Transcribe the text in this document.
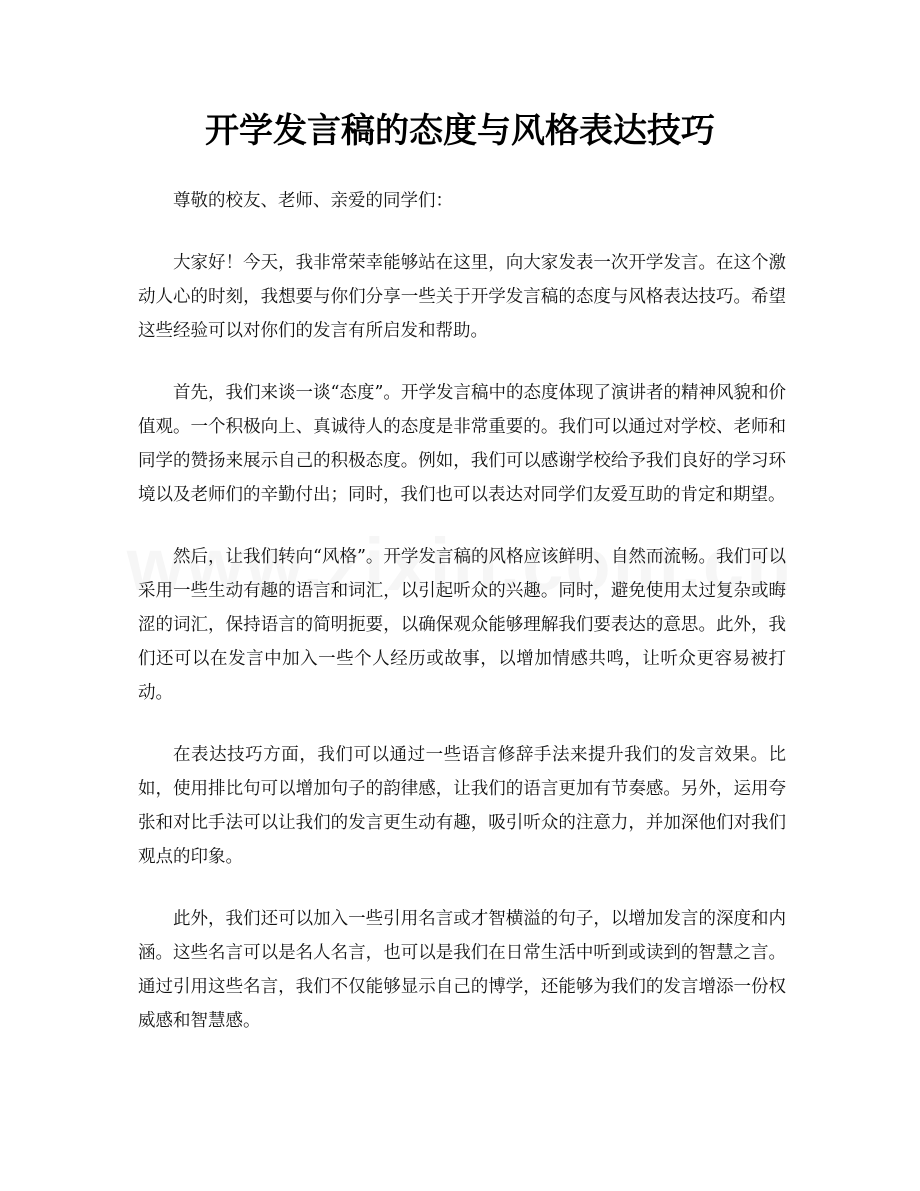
开学发言稿的态度与风格表达技巧

尊敬的校友、老师、亲爱的同学们：

大家好！今天，我非常荣幸能够站在这里，向大家发表一次开学发言。在这个激动人心的时刻，我想要与你们分享一些关于开学发言稿的态度与风格表达技巧。希望这些经验可以对你们的发言有所启发和帮助。

首先，我们来谈一谈“态度”。开学发言稿中的态度体现了演讲者的精神风貌和价值观。一个积极向上、真诚待人的态度是非常重要的。我们可以通过对学校、老师和同学的赞扬来展示自己的积极态度。例如，我们可以感谢学校给予我们良好的学习环境以及老师们的辛勤付出；同时，我们也可以表达对同学们友爱互助的肯定和期望。

然后，让我们转向“风格”。开学发言稿的风格应该鲜明、自然而流畅。我们可以采用一些生动有趣的语言和词汇，以引起听众的兴趣。同时，避免使用太过复杂或晦涩的词汇，保持语言的简明扼要，以确保观众能够理解我们要表达的意思。此外，我们还可以在发言中加入一些个人经历或故事，以增加情感共鸣，让听众更容易被打动。

在表达技巧方面，我们可以通过一些语言修辞手法来提升我们的发言效果。比如，使用排比句可以增加句子的韵律感，让我们的语言更加有节奏感。另外，运用夸张和对比手法可以让我们的发言更生动有趣，吸引听众的注意力，并加深他们对我们观点的印象。

此外，我们还可以加入一些引用名言或才智横溢的句子，以增加发言的深度和内涵。这些名言可以是名人名言，也可以是我们在日常生活中听到或读到的智慧之言。通过引用这些名言，我们不仅能够显示自己的博学，还能够为我们的发言增添一份权威感和智慧感。
